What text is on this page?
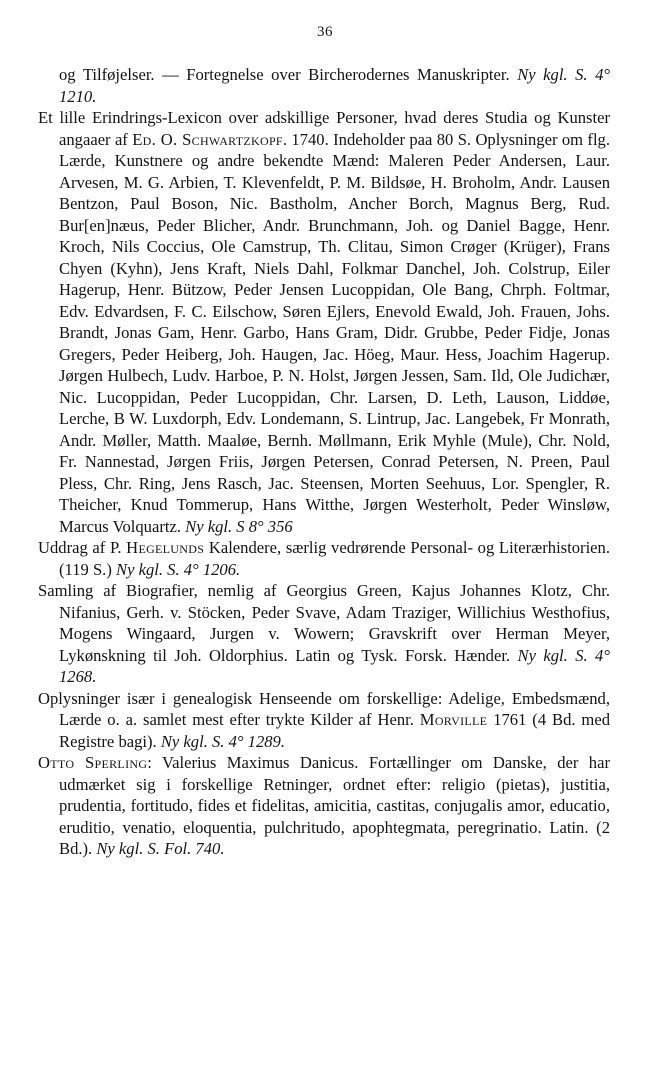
36

og Tilføjelser. — Fortegnelse over Bircherodernes Manuskripter. Ny kgl. S. 4° 1210.

Et lille Erindrings-Lexicon over adskillige Personer, hvad deres Studia og Kunster angaaer af Ed. O. Schwartzkopf. 1740. Indeholder paa 80 S. Oplysninger om flg. Lærde, Kunstnere og andre bekendte Mænd: Maleren Peder Andersen, Laur. Arvesen, M. G. Arbien, T. Klevenfeldt, P. M. Bildsøe, H. Broholm, Andr. Lausen Bentzon, Paul Boson, Nic. Bastholm, Ancher Borch, Magnus Berg, Rud. Bur[en]næus, Peder Blicher, Andr. Brunchmann, Joh. og Daniel Bagge, Henr. Kroch, Nils Coccius, Ole Camstrup, Th. Clitau, Simon Crøger (Krüger), Frans Chyen (Kyhn), Jens Kraft, Niels Dahl, Folkmar Danchel, Joh. Colstrup, Eiler Hagerup, Henr. Bützow, Peder Jensen Lucoppidan, Ole Bang, Chrph. Foltmar, Edv. Edvardsen, F. C. Eilschow, Søren Ejlers, Enevold Ewald, Joh. Frauen, Johs. Brandt, Jonas Gam, Henr. Garbo, Hans Gram, Didr. Grubbe, Peder Fidje, Jonas Gregers, Peder Heiberg, Joh. Haugen, Jac. Höeg, Maur. Hess, Joachim Hagerup. Jørgen Hulbech, Ludv. Harboe, P. N. Holst, Jørgen Jessen, Sam. Ild, Ole Judichær, Nic. Lucoppidan, Peder Lucoppidan, Chr. Larsen, D. Leth, Lauson, Liddøe, Lerche, B W. Luxdorph, Edv. Londemann, S. Lintrup, Jac. Langebek, Fr Monrath, Andr. Møller, Matth. Maaløe, Bernh. Møllmann, Erik Myhle (Mule), Chr. Nold, Fr. Nannestad, Jørgen Friis, Jørgen Petersen, Conrad Petersen, N. Preen, Paul Pless, Chr. Ring, Jens Rasch, Jac. Steensen, Morten Seehuus, Lor. Spengler, R. Theicher, Knud Tommerup, Hans Witthe, Jørgen Westerholt, Peder Winsløw, Marcus Volquartz. Ny kgl. S 8° 356

Uddrag af P. Hegelunds Kalendere, særlig vedrørende Personal- og Literærhistorien. (119 S.) Ny kgl. S. 4° 1206.

Samling af Biografier, nemlig af Georgius Green, Kajus Johannes Klotz, Chr. Nifanius, Gerh. v. Stöcken, Peder Svave, Adam Traziger, Willichius Westhofius, Mogens Wingaard, Jurgen v. Wowern; Gravskrift over Herman Meyer, Lykønskning til Joh. Oldorphius. Latin og Tysk. Forsk. Hænder. Ny kgl. S. 4° 1268.

Oplysninger især i genealogisk Henseende om forskellige: Adelige, Embedsmænd, Lærde o. a. samlet mest efter trykte Kilder af Henr. Morville 1761 (4 Bd. med Registre bagi). Ny kgl. S. 4° 1289.

Otto Sperling: Valerius Maximus Danicus. Fortællinger om Danske, der har udmærket sig i forskellige Retninger, ordnet efter: religio (pietas), justitia, prudentia, fortitudo, fides et fidelitas, amicitia, castitas, conjugalis amor, educatio, eruditio, venatio, eloquentia, pulchritudo, apophtegmata, peregrinatio. Latin. (2 Bd.). Ny kgl. S. Fol. 740.
